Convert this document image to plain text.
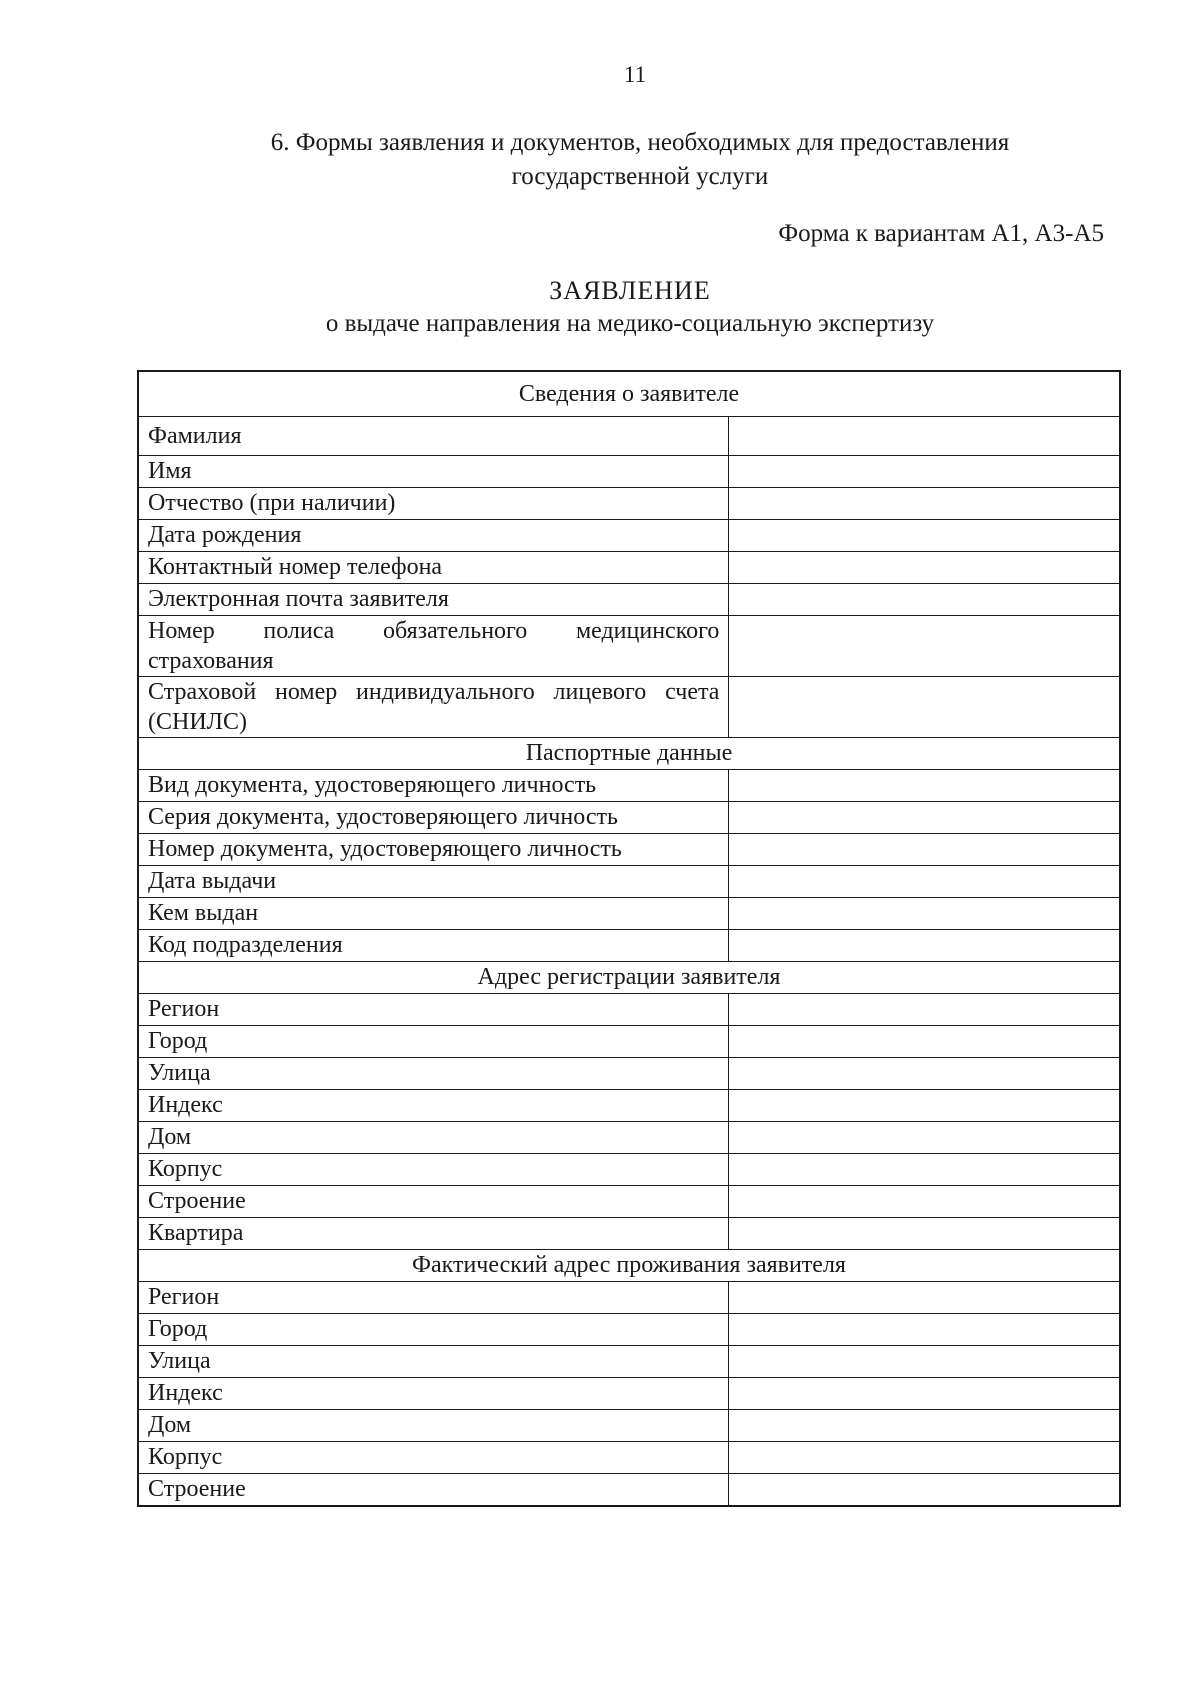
11
6. Формы заявления и документов, необходимых для предоставления
государственной услуги
Форма к вариантам А1, А3-А5
ЗАЯВЛЕНИЕ
о выдаче направления на медико-социальную экспертизу
Сведения о заявителе	
Фамилия	
Имя	
Отчество (при наличии)	
Дата рождения	
Контактный номер телефона	
Электронная почта заявителя	
Номер полиса обязательного медицинского страхования	
Страховой номер индивидуального лицевого счета (СНИЛС)	
Паспортные данные	
Вид документа, удостоверяющего личность	
Серия документа, удостоверяющего личность	
Номер документа, удостоверяющего личность	
Дата выдачи	
Кем выдан	
Код подразделения	
Адрес регистрации заявителя	
Регион	
Город	
Улица	
Индекс	
Дом	
Корпус	
Строение	
Квартира	
Фактический адрес проживания заявителя	
Регион	
Город	
Улица	
Индекс	
Дом	
Корпус	
Строение	
